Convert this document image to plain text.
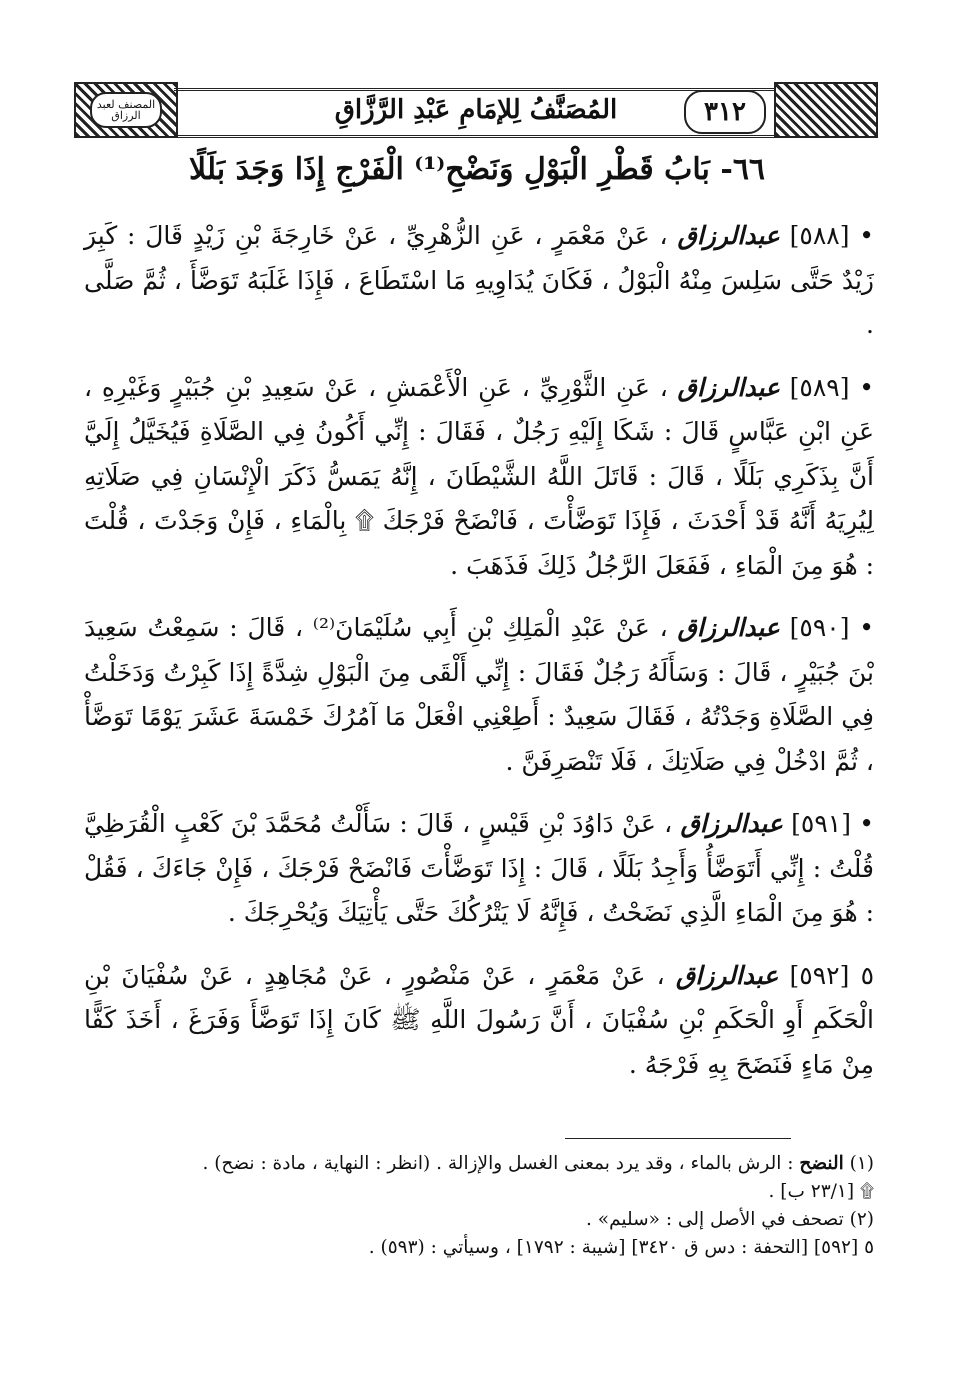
المصنف لعبد الرزاق	المُصَنَّفُ لِلإمَامِ عَبْدِ الرَّزَّاقِ	٣١٢
٦٦- بَابُ قَطْرِ الْبَوْلِ وَنَضْحِ⁽¹⁾ الْفَرْجِ إِذَا وَجَدَ بَلَلًا

• [٥٨٨] عبدالرزاق ، عَنْ مَعْمَرٍ ، عَنِ الزُّهْرِيِّ ، عَنْ خَارِجَةَ بْنِ زَيْدٍ قَالَ : كَبِرَ زَيْدٌ حَتَّى سَلِسَ مِنْهُ الْبَوْلُ ، فَكَانَ يُدَاوِيهِ مَا اسْتَطَاعَ ، فَإِذَا غَلَبَهُ تَوَضَّأَ ، ثُمَّ صَلَّى .

• [٥٨٩] عبدالرزاق ، عَنِ الثَّوْرِيِّ ، عَنِ الْأَعْمَشِ ، عَنْ سَعِيدِ بْنِ جُبَيْرٍ وَغَيْرِهِ ، عَنِ ابْنِ عَبَّاسٍ قَالَ : شَكَا إِلَيْهِ رَجُلٌ ، فَقَالَ : إِنِّي أَكُونُ فِي الصَّلَاةِ فَيُخَيَّلُ إِلَيَّ أَنَّ بِذَكَرِي بَلَلًا ، قَالَ : قَاتَلَ اللَّهُ الشَّيْطَانَ ، إِنَّهُ يَمَسُّ ذَكَرَ الْإِنْسَانِ فِي صَلَاتِهِ لِيُرِيَهُ أَنَّهُ قَدْ أَحْدَثَ ، فَإِذَا تَوَضَّأْتَ ، فَانْضَحْ فَرْجَكَ ۩ بِالْمَاءِ ، فَإِنْ وَجَدْتَ ، قُلْتَ : هُوَ مِنَ الْمَاءِ ، فَفَعَلَ الرَّجُلُ ذَلِكَ فَذَهَبَ .

• [٥٩٠] عبدالرزاق ، عَنْ عَبْدِ الْمَلِكِ بْنِ أَبِي سُلَيْمَانَ⁽²⁾ ، قَالَ : سَمِعْتُ سَعِيدَ بْنَ جُبَيْرٍ ، قَالَ : وَسَأَلَهُ رَجُلٌ فَقَالَ : إِنِّي أَلْقَى مِنَ الْبَوْلِ شِدَّةً إِذَا كَبِرْتُ وَدَخَلْتُ فِي الصَّلَاةِ وَجَدْتُهُ ، فَقَالَ سَعِيدٌ : أَطِعْنِي افْعَلْ مَا آمُرُكَ خَمْسَةَ عَشَرَ يَوْمًا تَوَضَّأْ ، ثُمَّ ادْخُلْ فِي صَلَاتِكَ ، فَلَا تَنْصَرِفَنَّ .

• [٥٩١] عبدالرزاق ، عَنْ دَاوُدَ بْنِ قَيْسٍ ، قَالَ : سَأَلْتُ مُحَمَّدَ بْنَ كَعْبٍ الْقُرَظِيَّ قُلْتُ : إِنِّي أَتَوَضَّأُ وَأَجِدُ بَلَلًا ، قَالَ : إِذَا تَوَضَّأْتَ فَانْضَحْ فَرْجَكَ ، فَإِنْ جَاءَكَ ، فَقُلْ : هُوَ مِنَ الْمَاءِ الَّذِي نَضَحْتُ ، فَإِنَّهُ لَا يَتْرُكُكَ حَتَّى يَأْتِيَكَ وَيُحْرِجَكَ .

٥ [٥٩٢] عبدالرزاق ، عَنْ مَعْمَرٍ ، عَنْ مَنْصُورٍ ، عَنْ مُجَاهِدٍ ، عَنْ سُفْيَانَ بْنِ الْحَكَمِ أَوِ الْحَكَمِ بْنِ سُفْيَانَ ، أَنَّ رَسُولَ اللَّهِ ﷺ كَانَ إِذَا تَوَضَّأَ وَفَرَغَ ، أَخَذَ كَفًّا مِنْ مَاءٍ فَنَضَحَ بِهِ فَرْجَهُ .

(١) النضح : الرش بالماء ، وقد يرد بمعنى الغسل والإزالة . (انظر : النهاية ، مادة : نضح) .

۩ [٢٣/١ ب] .

(٢) تصحف في الأصل إلى : «سليم» .

٥ [٥٩٢] [التحفة : دس ق ٣٤٢٠] [شيبة : ١٧٩٢] ، وسيأتي : (٥٩٣) .
